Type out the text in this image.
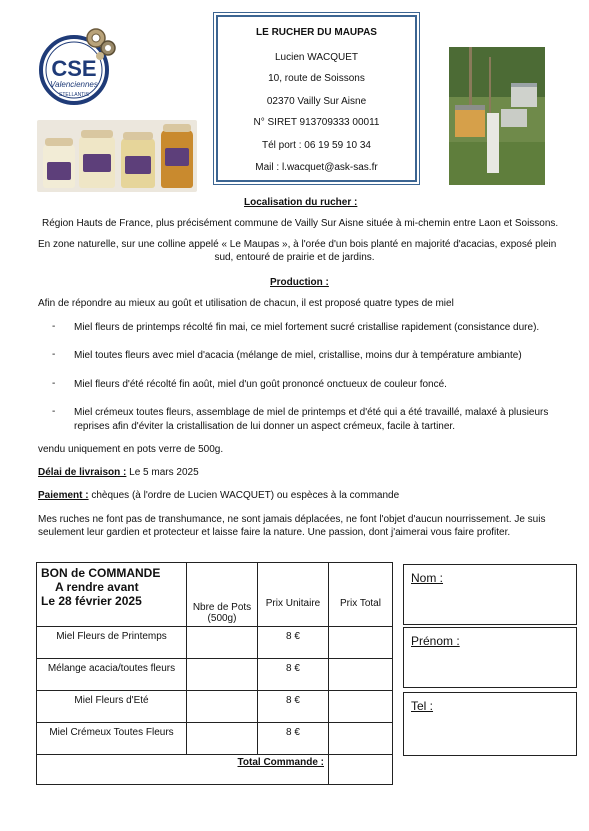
CSE
Valenciennes
STELLANTIS
LE RUCHER DU MAUPAS
Lucien WACQUET
10, route de Soissons
02370 Vailly Sur Aisne
N° SIRET 913709333 00011
Tél port : 06 19 59 10 34
Mail : l.wacquet@ask-sas.fr
Localisation du rucher :
Région Hauts de France, plus précisément commune de Vailly Sur Aisne située à mi-chemin entre Laon et Soissons.
En zone naturelle, sur une colline appelé « Le Maupas », à l'orée d'un bois planté en majorité d'acacias, exposé plein
sud, entouré de prairie et de jardins.
Production :
Afin de répondre au mieux au goût et utilisation de chacun, il est proposé quatre types de miel
- Miel fleurs de printemps récolté fin mai, ce miel fortement sucré cristallise rapidement (consistance dure).
- Miel toutes fleurs avec miel d'acacia (mélange de miel, cristallise, moins dur à température ambiante)
- Miel fleurs d'été récolté fin août, miel d'un goût prononcé onctueux de couleur foncé.
- Miel crémeux toutes fleurs, assemblage de miel de printemps et d'été qui a été travaillé, malaxé à plusieurs
reprises afin d'éviter la cristallisation de lui donner un aspect crémeux, facile à tartiner.
vendu uniquement en pots verre de 500g.
Délai de livraison : Le 5 mars 2025
Paiement : chèques (à l'ordre de Lucien WACQUET) ou espèces à la commande
Mes ruches ne font pas de transhumance, ne sont jamais déplacées, ne font l'objet d'aucun nourrissement. Je suis
seulement leur gardien et protecteur et laisse faire la nature. Une passion, dont j'aimerai vous faire profiter.
BON de COMMANDE
A rendre avant
Le 28 février 2025	Nbre de Pots (500g)	Prix Unitaire	Prix Total
Miel Fleurs de Printemps		8 €	
Mélange acacia/toutes fleurs		8 €	
Miel Fleurs d'Eté		8 €	
Miel Crémeux Toutes Fleurs		8 €	
Total Commande :			
Nom :
Prénom :
Tel :
